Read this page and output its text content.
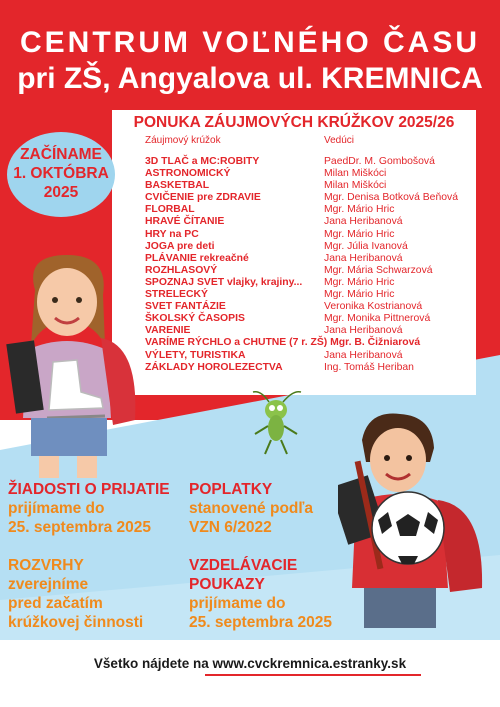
CENTRUM VOĽNÉHO ČASU
pri ZŠ, Angyalova ul. KREMNICA
PONUKA ZÁUJMOVÝCH KRÚŽKOV 2025/26
Záujmový krúžok	Vedúci
3D TLAČ a MC:ROBITY	PaedDr. M. Gombošová
ASTRONOMICKÝ	Milan Miškóci
BASKETBAL	Milan Miškóci
CVIČENIE pre ZDRAVIE	Mgr. Denisa Botková Beňová
FLORBAL	Mgr. Mário Hric
HRAVÉ ČÍTANIE	Jana Heribanová
HRY na PC	Mgr. Mário Hric
JOGA pre deti	Mgr. Júlia Ivanová
PLÁVANIE rekreačné	Jana Heribanová
ROZHLASOVÝ	Mgr. Mária Schwarzová
SPOZNAJ SVET vlajky, krajiny... Mgr. Mário Hric
STRELECKÝ	Mgr. Mário Hric
SVET FANTÁZIE	Veronika Kostrianová
ŠKOLSKÝ ČASOPIS	Mgr. Monika Pittnerová
VARENIE	Jana Heribanová
VARÍME RÝCHLO a CHUTNE (7 r. ZŠ) Mgr. B. Čižniarová
VÝLETY, TURISTIKA	Jana Heribanová
ZÁKLADY HOROLEZECTVA	Ing. Tomáš Heriban
ZAČÍNAME
1. OKTÓBRA
2025
ŽIADOSTI O PRIJATIE
prijímame do
25. septembra 2025
POPLATKY
stanovené podľa
VZN 6/2022
ROZVRHY
zverejníme
pred začatím
krúžkovej činnosti
VZDELÁVACIE
POUKAZY
prijímame do
25. septembra 2025
Všetko nájdete na www.cvckremnica.estranky.sk
